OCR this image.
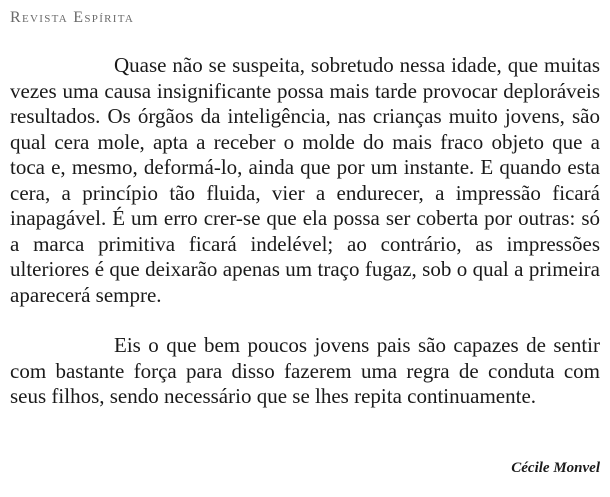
Revista Espírita

Quase não se suspeita, sobretudo nessa idade, que muitas vezes uma causa insignificante possa mais tarde provocar deploráveis resultados. Os órgãos da inteligência, nas crianças muito jovens, são qual cera mole, apta a receber o molde do mais fraco objeto que a toca e, mesmo, deformá-lo, ainda que por um instante. E quando esta cera, a princípio tão fluida, vier a endurecer, a impressão ficará inapagável. É um erro crer-se que ela possa ser coberta por outras: só a marca primitiva ficará indelével; ao contrário, as impressões ulteriores é que deixarão apenas um traço fugaz, sob o qual a primeira aparecerá sempre.

Eis o que bem poucos jovens pais são capazes de sentir com bastante força para disso fazerem uma regra de conduta com seus filhos, sendo necessário que se lhes repita continuamente.

Cécile Monvel
